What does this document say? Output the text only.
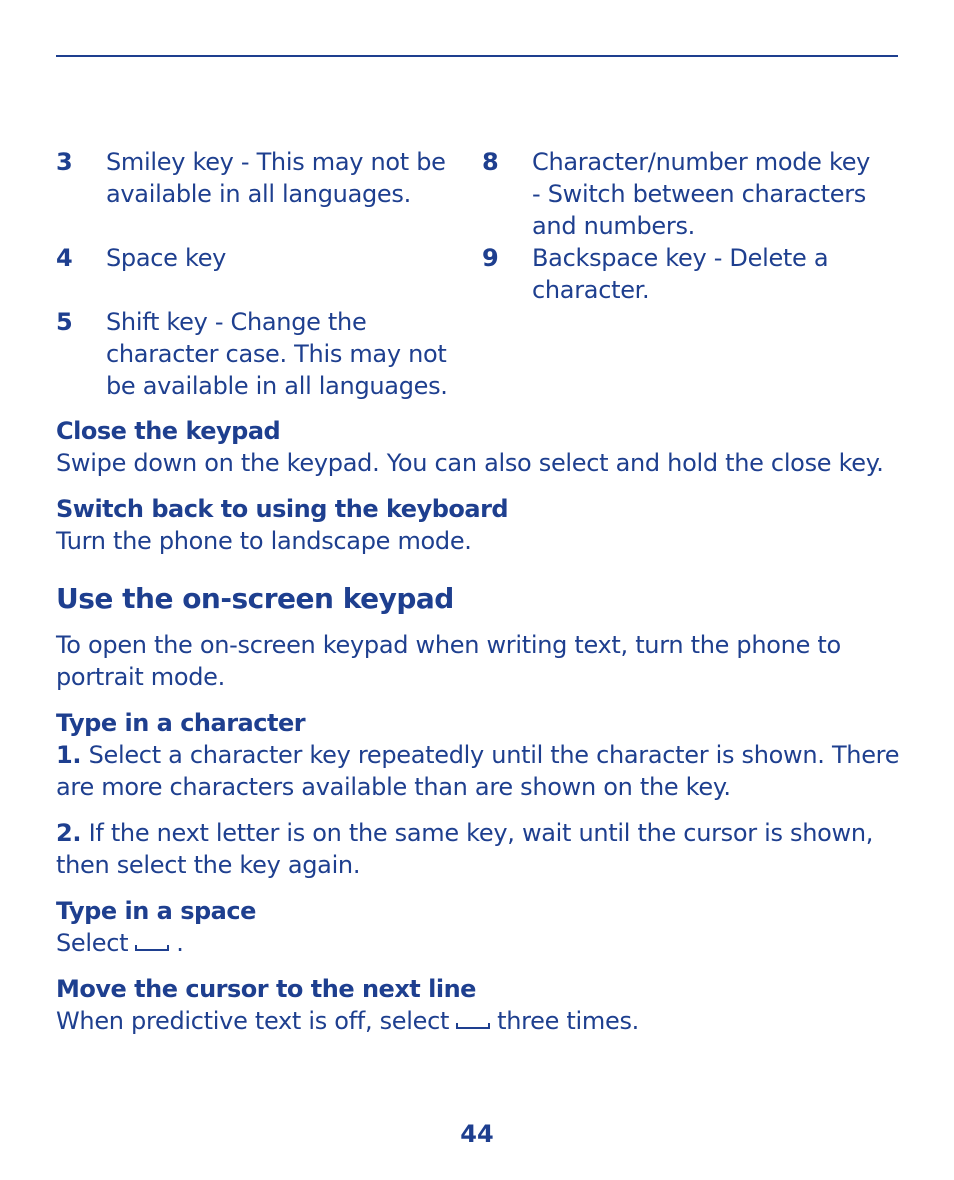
3	Smiley key - This may not be
available in all languages.
4	Space key
5	Shift key - Change the
character case. This may not
be available in all languages.
8	Character/number mode key
- Switch between characters
and numbers.
9	Backspace key - Delete a
character.

Close the keypad

Swipe down on the keypad. You can also select and hold the close key.

Switch back to using the keyboard

Turn the phone to landscape mode.

Use the on-screen keypad

To open the on-screen keypad when writing text, turn the phone to portrait mode.

Type in a character

1. Select a character key repeatedly until the character is shown. There are more characters available than are shown on the key.

2. If the next letter is on the same key, wait until the cursor is shown, then select the key again.

Type in a space

Select .

Move the cursor to the next line

When predictive text is off, select three times.

44
